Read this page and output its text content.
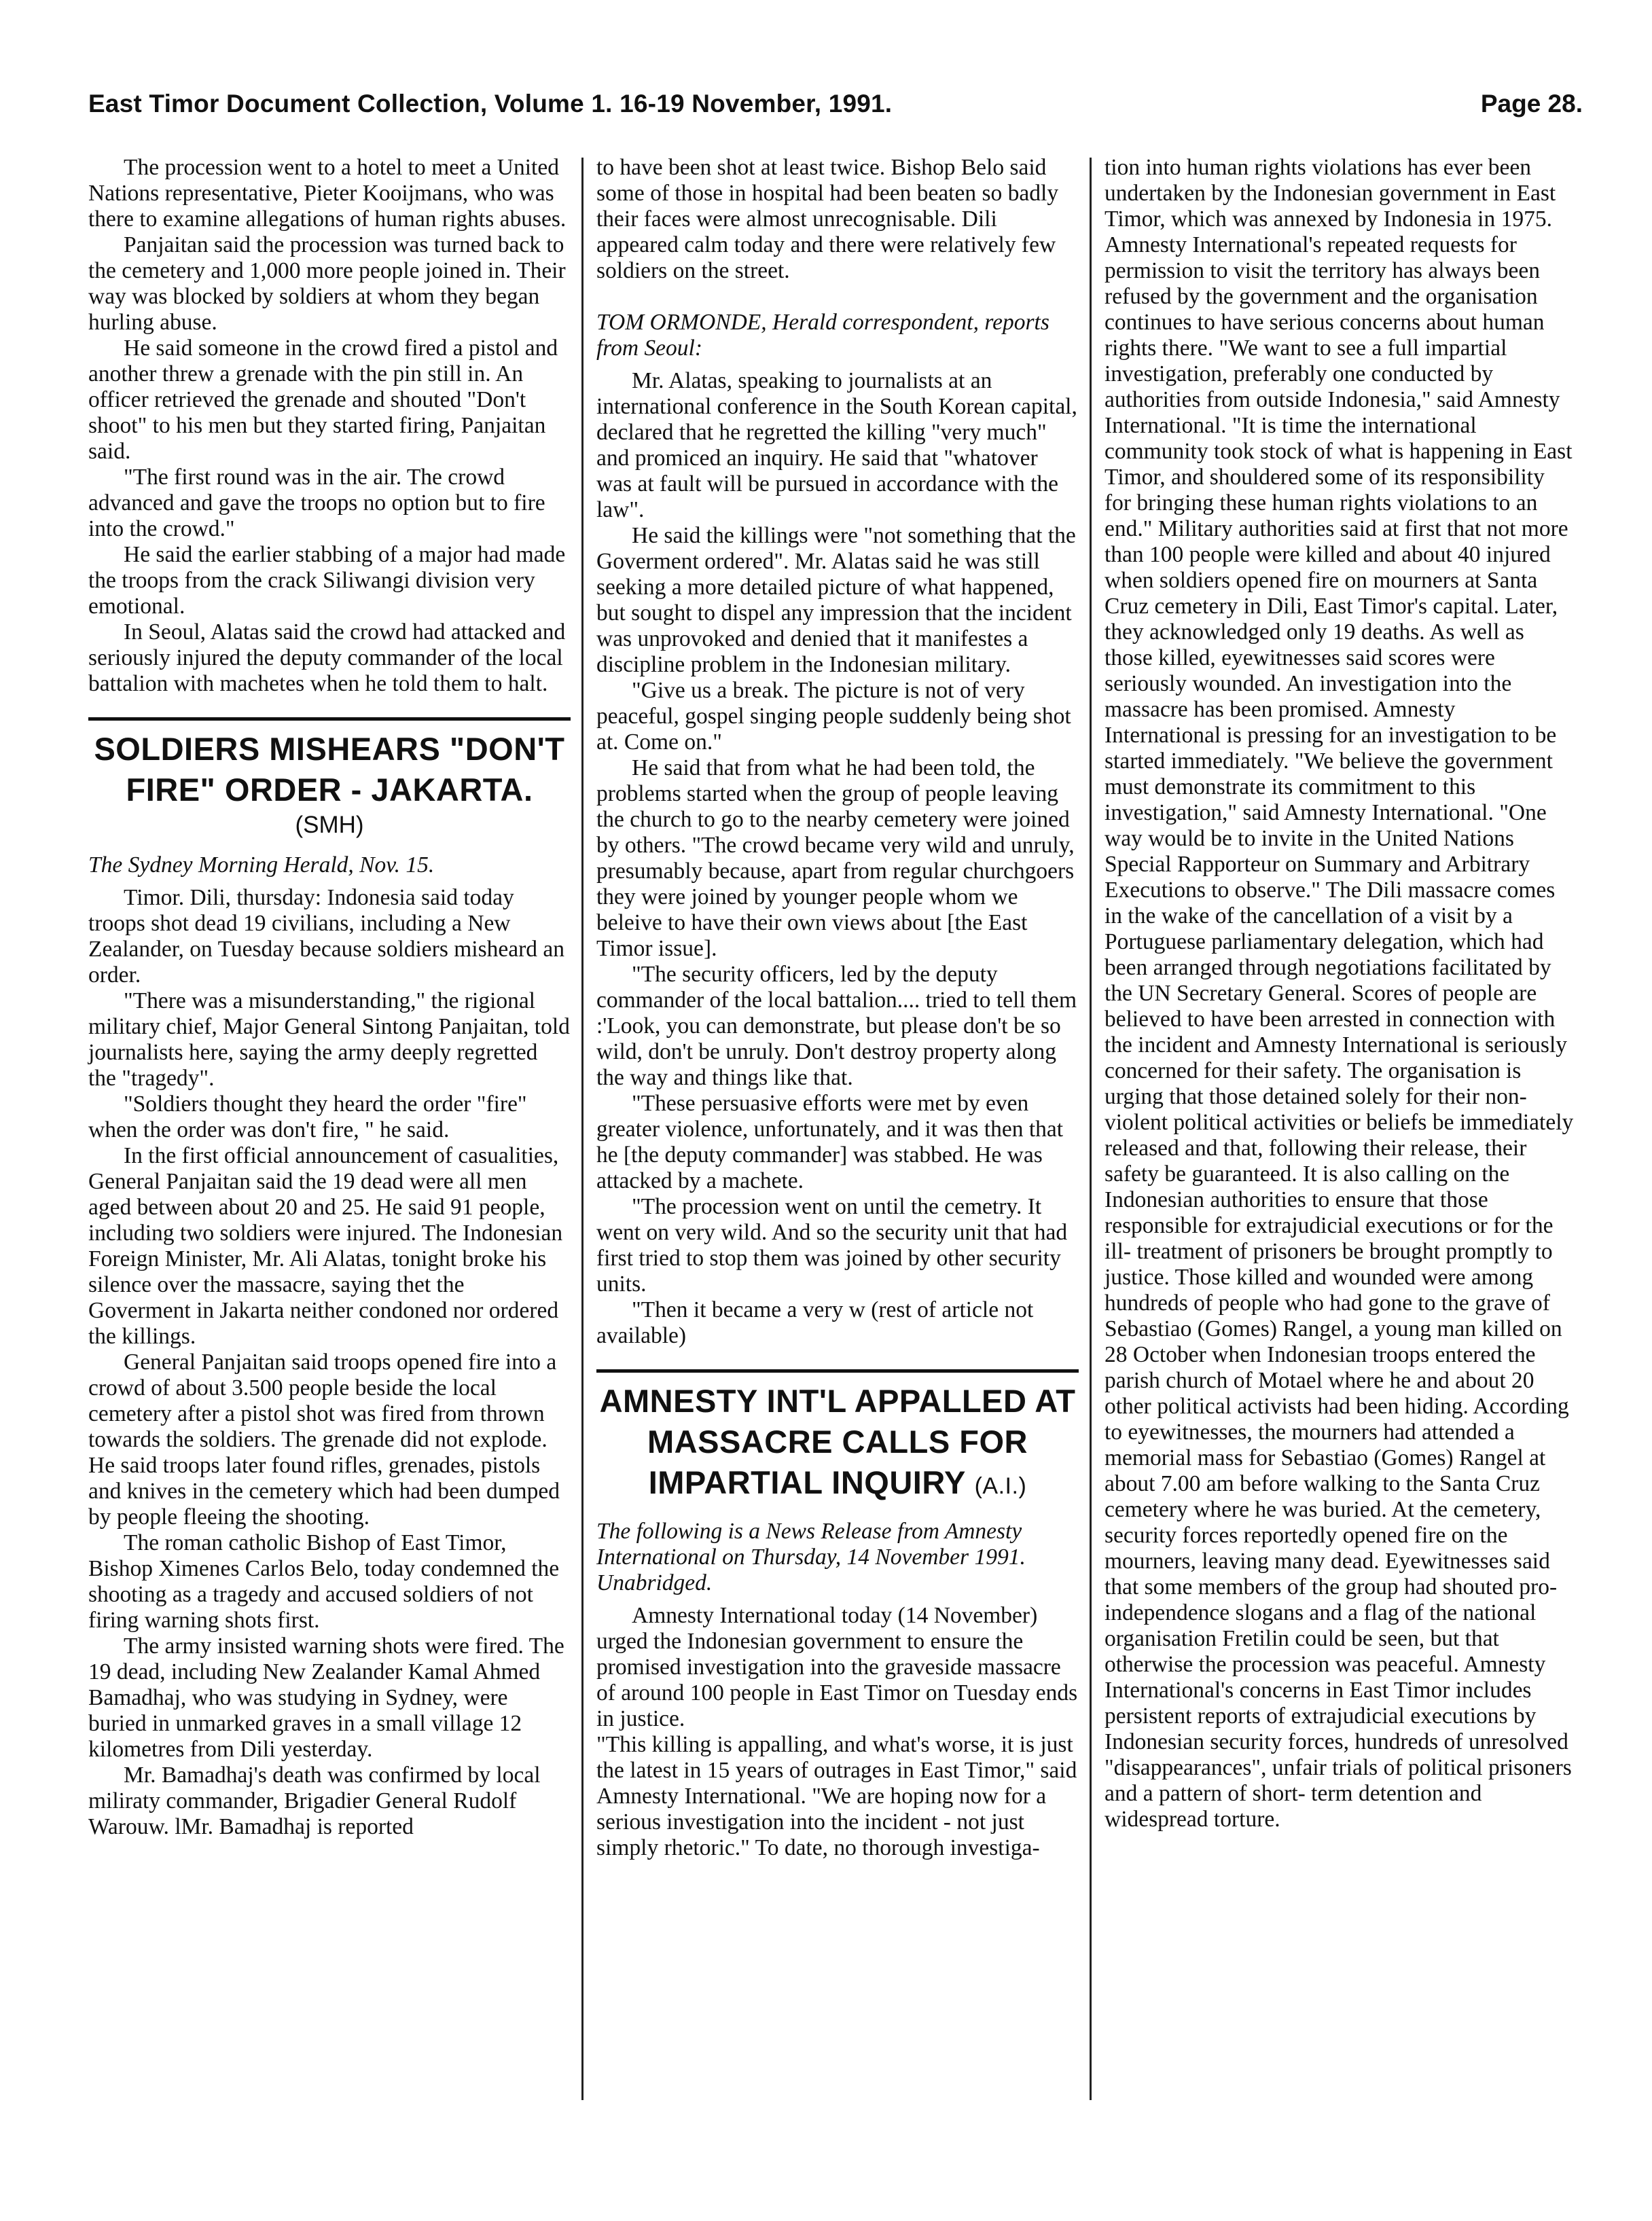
East Timor Document Collection, Volume 1. 16-19 November, 1991.	Page 28.

The procession went to a hotel to meet a United Nations representative, Pieter Kooijmans, who was there to examine allegations of human rights abuses.

Panjaitan said the procession was turned back to the cemetery and 1,000 more people joined in. Their way was blocked by soldiers at whom they began hurling abuse.

He said someone in the crowd fired a pistol and another threw a grenade with the pin still in. An officer retrieved the grenade and shouted "Don't shoot" to his men but they started firing, Panjaitan said.

"The first round was in the air. The crowd advanced and gave the troops no option but to fire into the crowd."

He said the earlier stabbing of a major had made the troops from the crack Siliwangi division very emotional.

In Seoul, Alatas said the crowd had attacked and seriously injured the deputy commander of the local battalion with machetes when he told them to halt.

SOLDIERS MISHEARS "DON'T FIRE" ORDER - JAKARTA.
(SMH)

The Sydney Morning Herald, Nov. 15.

Timor. Dili, thursday: Indonesia said today troops shot dead 19 civilians, including a New Zealander, on Tuesday because soldiers misheard an order.

"There was a misunderstanding," the rigional military chief, Major General Sintong Panjaitan, told journalists here, saying the army deeply regretted the "tragedy".

"Soldiers thought they heard the order "fire" when the order was don't fire, " he said.

In the first official announcement of casualities, General Panjaitan said the 19 dead were all men aged between about 20 and 25. He said 91 people, including two soldiers were injured. The Indonesian Foreign Minister, Mr. Ali Alatas, tonight broke his silence over the massacre, saying thet the Goverment in Jakarta neither condoned nor ordered the killings.

General Panjaitan said troops opened fire into a crowd of about 3.500 people beside the local cemetery after a pistol shot was fired from thrown towards the soldiers. The grenade did not explode. He said troops later found rifles, grenades, pistols and knives in the cemetery which had been dumped by people fleeing the shooting.

The roman catholic Bishop of East Timor, Bishop Ximenes Carlos Belo, today condemned the shooting as a tragedy and accused soldiers of not firing warning shots first.

The army insisted warning shots were fired. The 19 dead, including New Zealander Kamal Ahmed Bamadhaj, who was studying in Sydney, were buried in unmarked graves in a small village 12 kilometres from Dili yesterday.

Mr. Bamadhaj's death was confirmed by local miliraty commander, Brigadier General Rudolf Warouw. lMr. Bamadhaj is reported

to have been shot at least twice. Bishop Belo said some of those in hospital had been beaten so badly their faces were almost unrecognisable. Dili appeared calm today and there were relatively few soldiers on the street.

TOM ORMONDE, Herald correspondent, reports from Seoul:

Mr. Alatas, speaking to journalists at an international conference in the South Korean capital, declared that he regretted the killing "very much" and promiced an inquiry. He said that "whatover was at fault will be pursued in accordance with the law".

He said the killings were "not something that the Goverment ordered". Mr. Alatas said he was still seeking a more detailed picture of what happened, but sought to dispel any impression that the incident was unprovoked and denied that it manifestes a discipline problem in the Indonesian military.

"Give us a break. The picture is not of very peaceful, gospel singing people suddenly being shot at. Come on."

He said that from what he had been told, the problems started when the group of people leaving the church to go to the nearby cemetery were joined by others. "The crowd became very wild and unruly, presumably because, apart from regular churchgoers they were joined by younger people whom we beleive to have their own views about [the East Timor issue].

"The security officers, led by the deputy commander of the local battalion.... tried to tell them :'Look, you can demonstrate, but please don't be so wild, don't be unruly. Don't destroy property along the way and things like that.

"These persuasive efforts were met by even greater violence, unfortunately, and it was then that he [the deputy commander] was stabbed. He was attacked by a machete.

"The procession went on until the cemetry. It went on very wild. And so the security unit that had first tried to stop them was joined by other security units.

"Then it became a very w (rest of article not available)

AMNESTY INT'L APPALLED AT MASSACRE CALLS FOR IMPARTIAL INQUIRY (A.I.)

The following is a News Release from Amnesty International on Thursday, 14 November 1991. Unabridged.

Amnesty International today (14 November) urged the Indonesian government to ensure the promised investigation into the graveside massacre of around 100 people in East Timor on Tuesday ends in justice.

"This killing is appalling, and what's worse, it is just the latest in 15 years of outrages in East Timor," said Amnesty International. "We are hoping now for a serious investigation into the incident - not just simply rhetoric." To date, no thorough investiga-

tion into human rights violations has ever been undertaken by the Indonesian government in East Timor, which was annexed by Indonesia in 1975. Amnesty International's repeated requests for permission to visit the territory has always been refused by the government and the organisation continues to have serious concerns about human rights there. "We want to see a full impartial investigation, preferably one conducted by authorities from outside Indonesia," said Amnesty International. "It is time the international community took stock of what is happening in East Timor, and shouldered some of its responsibility for bringing these human rights violations to an end." Military authorities said at first that not more than 100 people were killed and about 40 injured when soldiers opened fire on mourners at Santa Cruz cemetery in Dili, East Timor's capital. Later, they acknowledged only 19 deaths. As well as those killed, eyewitnesses said scores were seriously wounded. An investigation into the massacre has been promised. Amnesty International is pressing for an investigation to be started immediately. "We believe the government must demonstrate its commitment to this investigation," said Amnesty International. "One way would be to invite in the United Nations Special Rapporteur on Summary and Arbitrary Executions to observe." The Dili massacre comes in the wake of the cancellation of a visit by a Portuguese parliamentary delegation, which had been arranged through negotiations facilitated by the UN Secretary General. Scores of people are believed to have been arrested in connection with the incident and Amnesty International is seriously concerned for their safety. The organisation is urging that those detained solely for their non-violent political activities or beliefs be immediately released and that, following their release, their safety be guaranteed. It is also calling on the Indonesian authorities to ensure that those responsible for extrajudicial executions or for the ill- treatment of prisoners be brought promptly to justice. Those killed and wounded were among hundreds of people who had gone to the grave of Sebastiao (Gomes) Rangel, a young man killed on 28 October when Indonesian troops entered the parish church of Motael where he and about 20 other political activists had been hiding. According to eyewitnesses, the mourners had attended a memorial mass for Sebastiao (Gomes) Rangel at about 7.00 am before walking to the Santa Cruz cemetery where he was buried. At the cemetery, security forces reportedly opened fire on the mourners, leaving many dead. Eyewitnesses said that some members of the group had shouted pro-independence slogans and a flag of the national organisation Fretilin could be seen, but that otherwise the procession was peaceful. Amnesty International's concerns in East Timor includes persistent reports of extrajudicial executions by Indonesian security forces, hundreds of unresolved "disappearances", unfair trials of political prisoners and a pattern of short- term detention and widespread torture.
